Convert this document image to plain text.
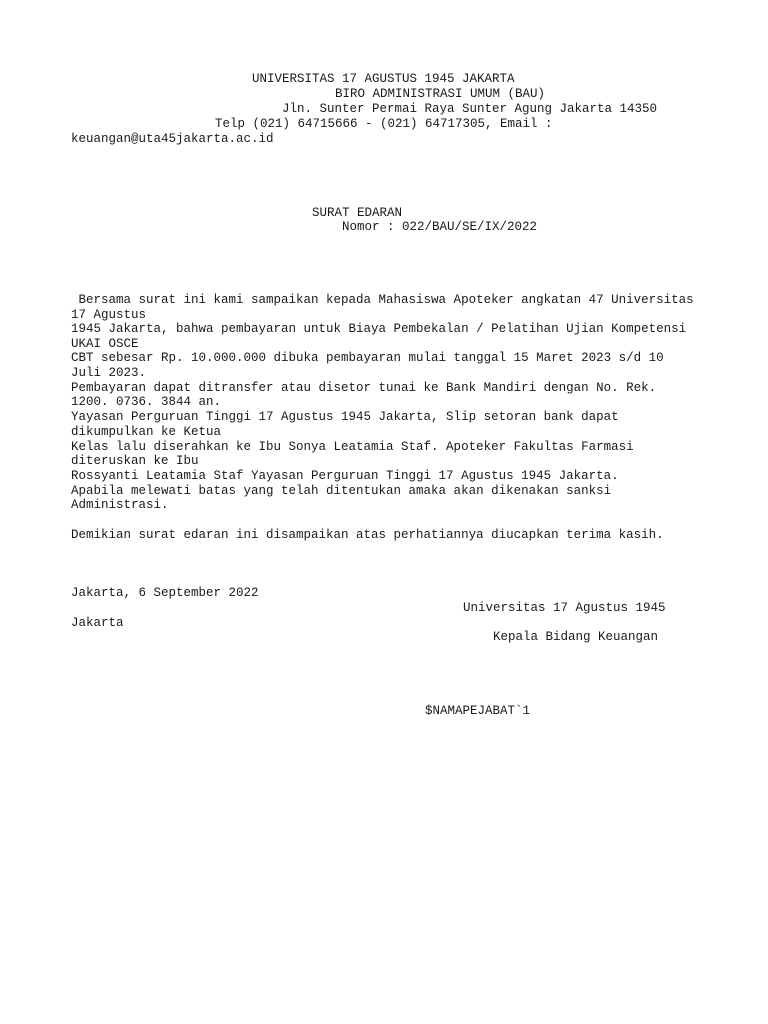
UNIVERSITAS 17 AGUSTUS 1945 JAKARTA
BIRO ADMINISTRASI UMUM (BAU)
Jln. Sunter Permai Raya Sunter Agung Jakarta 14350
Telp (021) 64715666 - (021) 64717305, Email :
keuangan@uta45jakarta.ac.id
SURAT EDARAN
Nomor : 022/BAU/SE/IX/2022
Bersama surat ini kami sampaikan kepada Mahasiswa Apoteker angkatan 47 Universitas
17 Agustus
1945 Jakarta, bahwa pembayaran untuk Biaya Pembekalan / Pelatihan Ujian Kompetensi
UKAI OSCE
CBT sebesar Rp. 10.000.000 dibuka pembayaran mulai tanggal 15 Maret 2023 s/d 10
Juli 2023.
Pembayaran dapat ditransfer atau disetor tunai ke Bank Mandiri dengan No. Rek.
1200. 0736. 3844 an.
Yayasan Perguruan Tinggi 17 Agustus 1945 Jakarta, Slip setoran bank dapat
dikumpulkan ke Ketua
Kelas lalu diserahkan ke Ibu Sonya Leatamia Staf. Apoteker Fakultas Farmasi
diteruskan ke Ibu
Rossyanti Leatamia Staf Yayasan Perguruan Tinggi 17 Agustus 1945 Jakarta.
Apabila melewati batas yang telah ditentukan amaka akan dikenakan sanksi
Administrasi.
Demikian surat edaran ini disampaikan atas perhatiannya diucapkan terima kasih.
Jakarta, 6 September 2022
Universitas 17 Agustus 1945
Jakarta
Kepala Bidang Keuangan
$NAMAPEJABAT`1
